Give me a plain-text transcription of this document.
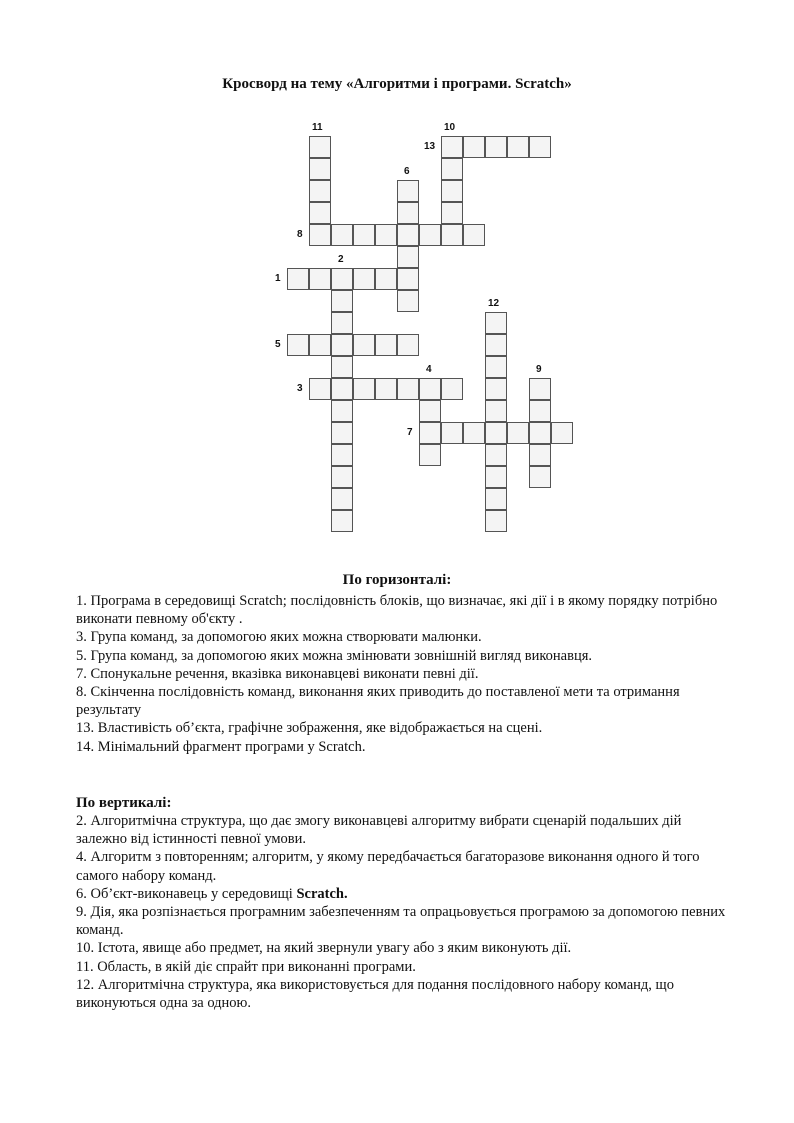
Кросворд на тему «Алгоритми і програми. Scratch»
1
2
3
4
5
6
7
8
9
10
11
12
13
По горизонталі:

1. Програма в середовищі Scratch; послідовність блоків, що визначає, які дії і в якому порядку потрібно виконати певному об'єкту .

3. Група команд, за допомогою яких можна створювати малюнки.

5. Група команд, за допомогою яких можна змінювати зовнішній вигляд виконавця.

7. Спонукальне речення, вказівка виконавцеві виконати певні дії.

8. Скінченна послідовність команд, виконання яких приводить до поставленої мети та отримання результату

13. Властивість об’єкта, графічне зображення, яке відображається на сцені.

14. Мінімальний фрагмент програми у Scratch.

По вертикалі:

2. Алгоритмічна структура, що дає змогу виконавцеві алгоритму вибрати сценарій подальших дій залежно від істинності певної умови.

4. Алгоритм з повторенням; алгоритм, у якому передбачається багаторазове виконання одного й того самого набору команд.

6. Об’єкт-виконавець у середовищі Scratch.

9. Дія, яка розпізнається програмним забезпеченням та опрацьовується програмою за допомогою певних команд.

10. Істота, явище або предмет, на який звернули увагу або з яким виконують дії.

11. Область, в якій діє спрайт при виконанні програми.

12. Алгоритмічна структура, яка використовується для подання послідовного набору команд, що виконуються одна за одною.
